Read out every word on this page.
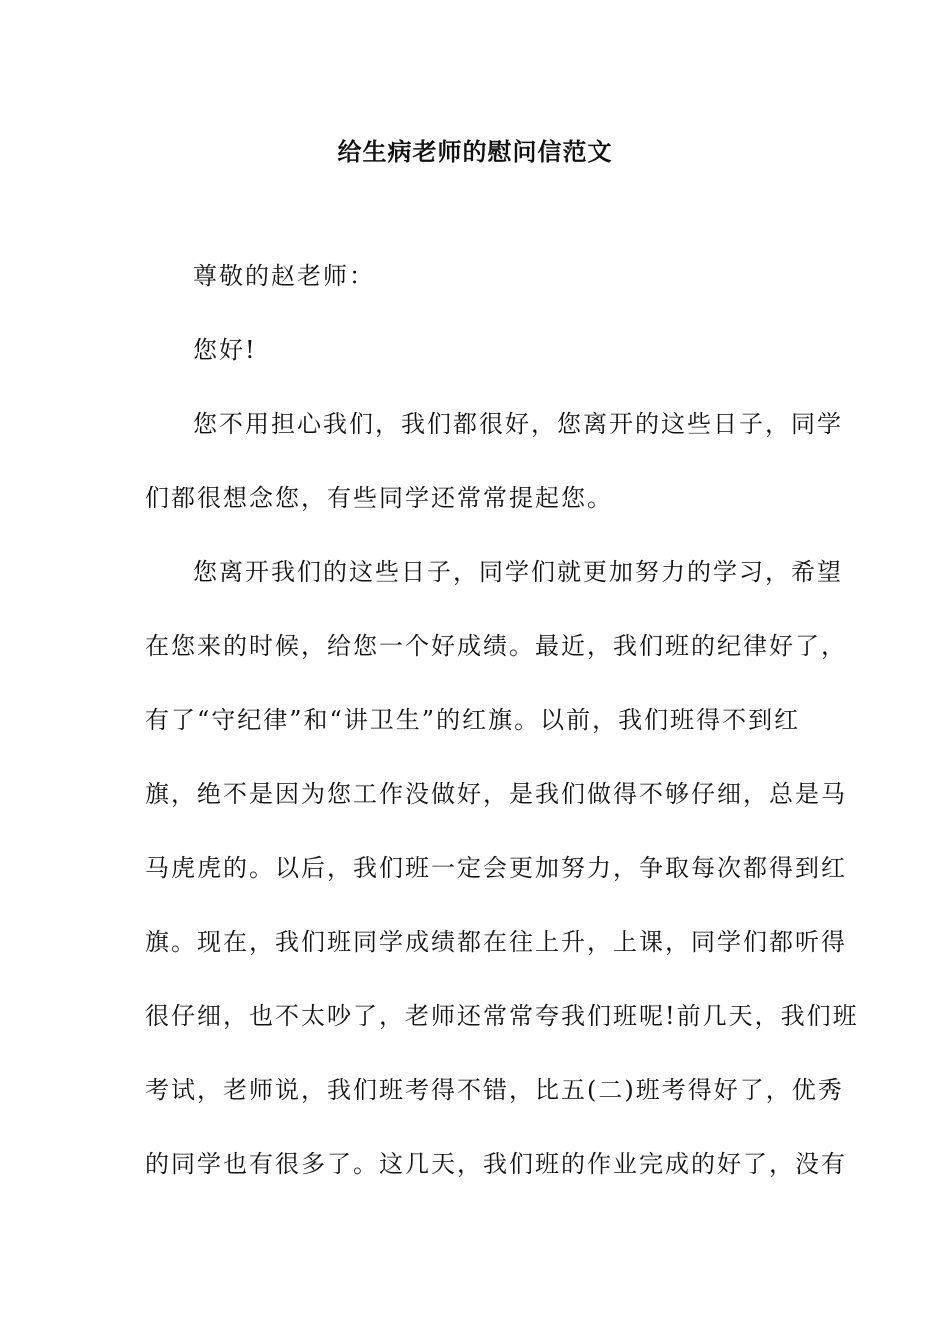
给生病老师的慰问信范文
尊敬的赵老师：
您好!
您不用担心我们，我们都很好，您离开的这些日子，同学
们都很想念您，有些同学还常常提起您。
您离开我们的这些日子，同学们就更加努力的学习，希望
在您来的时候，给您一个好成绩。最近，我们班的纪律好了，
有了“守纪律”和“讲卫生”的红旗。以前，我们班得不到红
旗，绝不是因为您工作没做好，是我们做得不够仔细，总是马
马虎虎的。以后，我们班一定会更加努力，争取每次都得到红
旗。现在，我们班同学成绩都在往上升，上课，同学们都听得
很仔细，也不太吵了，老师还常常夸我们班呢!前几天，我们班
考试，老师说，我们班考得不错，比五(二)班考得好了，优秀
的同学也有很多了。这几天，我们班的作业完成的好了，没有
